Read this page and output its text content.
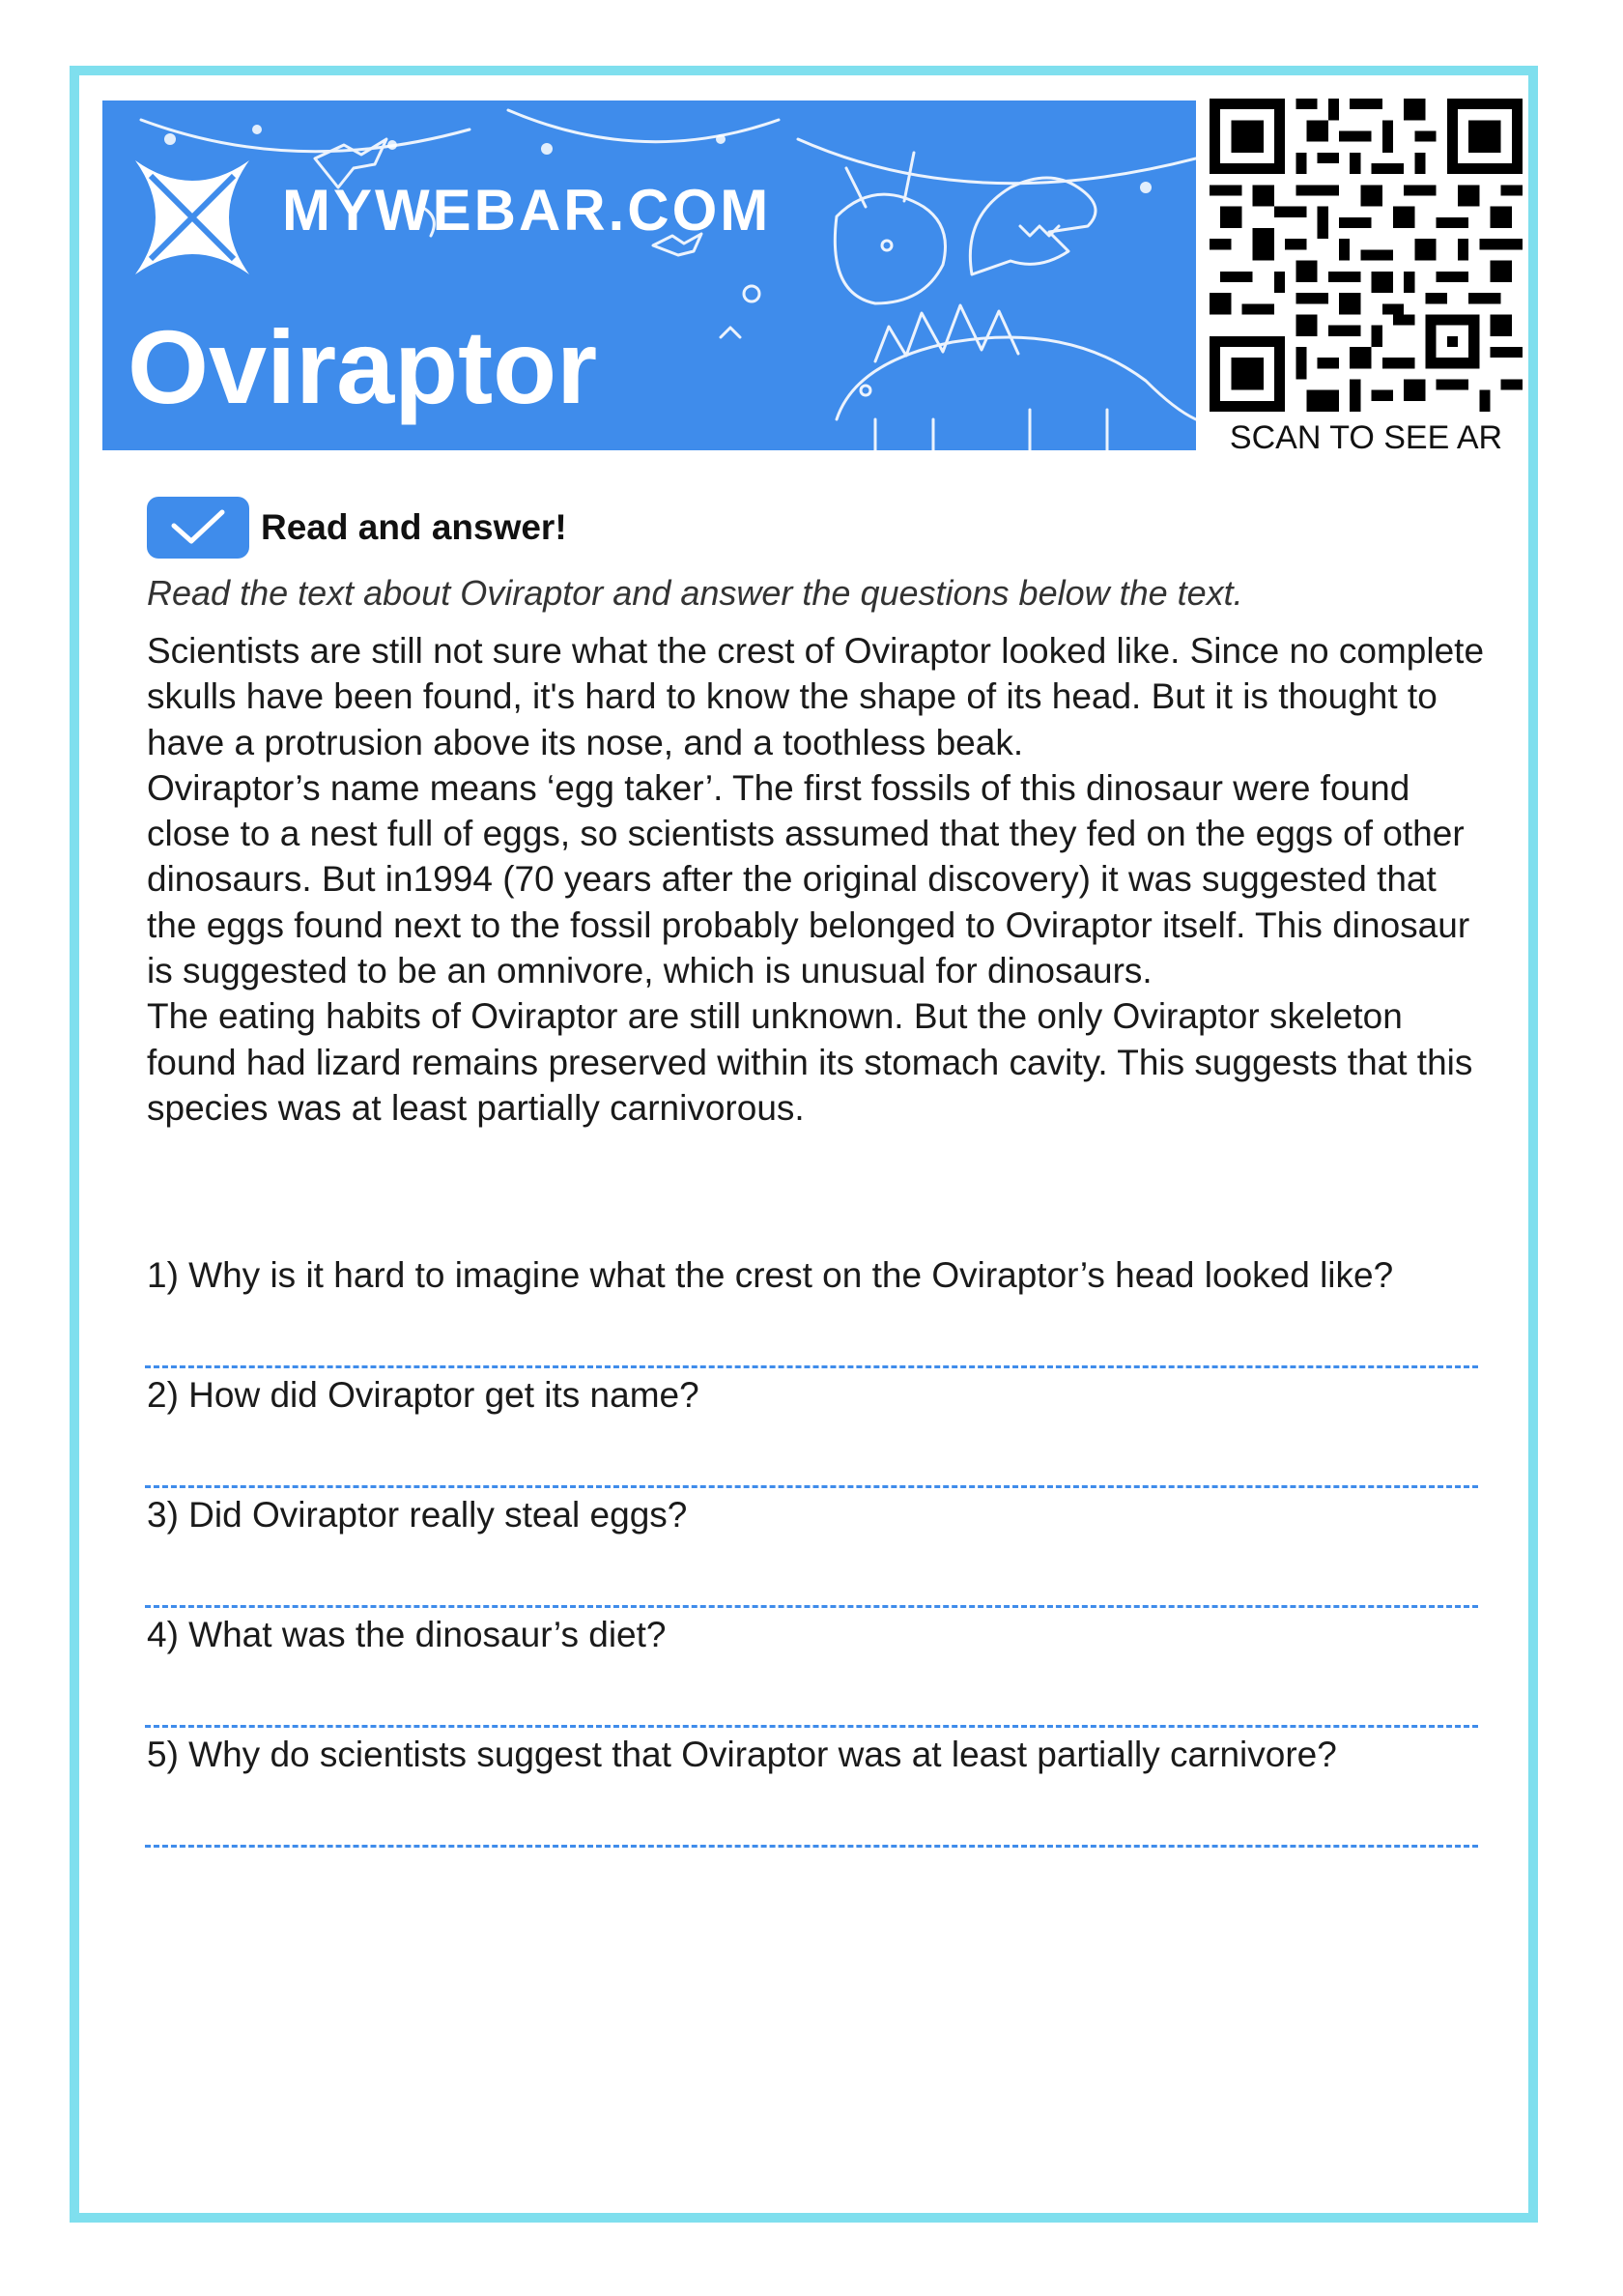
MYWEBAR.COM
Oviraptor
SCAN TO SEE AR
Read and answer!
Read the text about Oviraptor and answer the questions below the text.

Scientists are still not sure what the crest of Oviraptor looked like. Since no complete skulls have been found, it's hard to know the shape of its head. But it is thought to have a protrusion above its nose, and a toothless beak.

Oviraptor’s name means ‘egg taker’. The first fossils of this dinosaur were found close to a nest full of eggs, so scientists assumed that they fed on the eggs of other dinosaurs. But in1994 (70 years after the original discovery) it was suggested that the eggs found next to the fossil probably belonged to Oviraptor itself. This dinosaur is suggested to be an omnivore, which is unusual for dinosaurs.

The eating habits of Oviraptor are still unknown. But the only Oviraptor skeleton found had lizard remains preserved within its stomach cavity. This suggests that this species was at least partially carnivorous.

1) Why is it hard to imagine what the crest on the Oviraptor’s head looked like?
2) How did Oviraptor get its name?
3) Did Oviraptor really steal eggs?
4) What was the dinosaur’s diet?
5) Why do scientists suggest that Oviraptor was at least partially carnivore?
